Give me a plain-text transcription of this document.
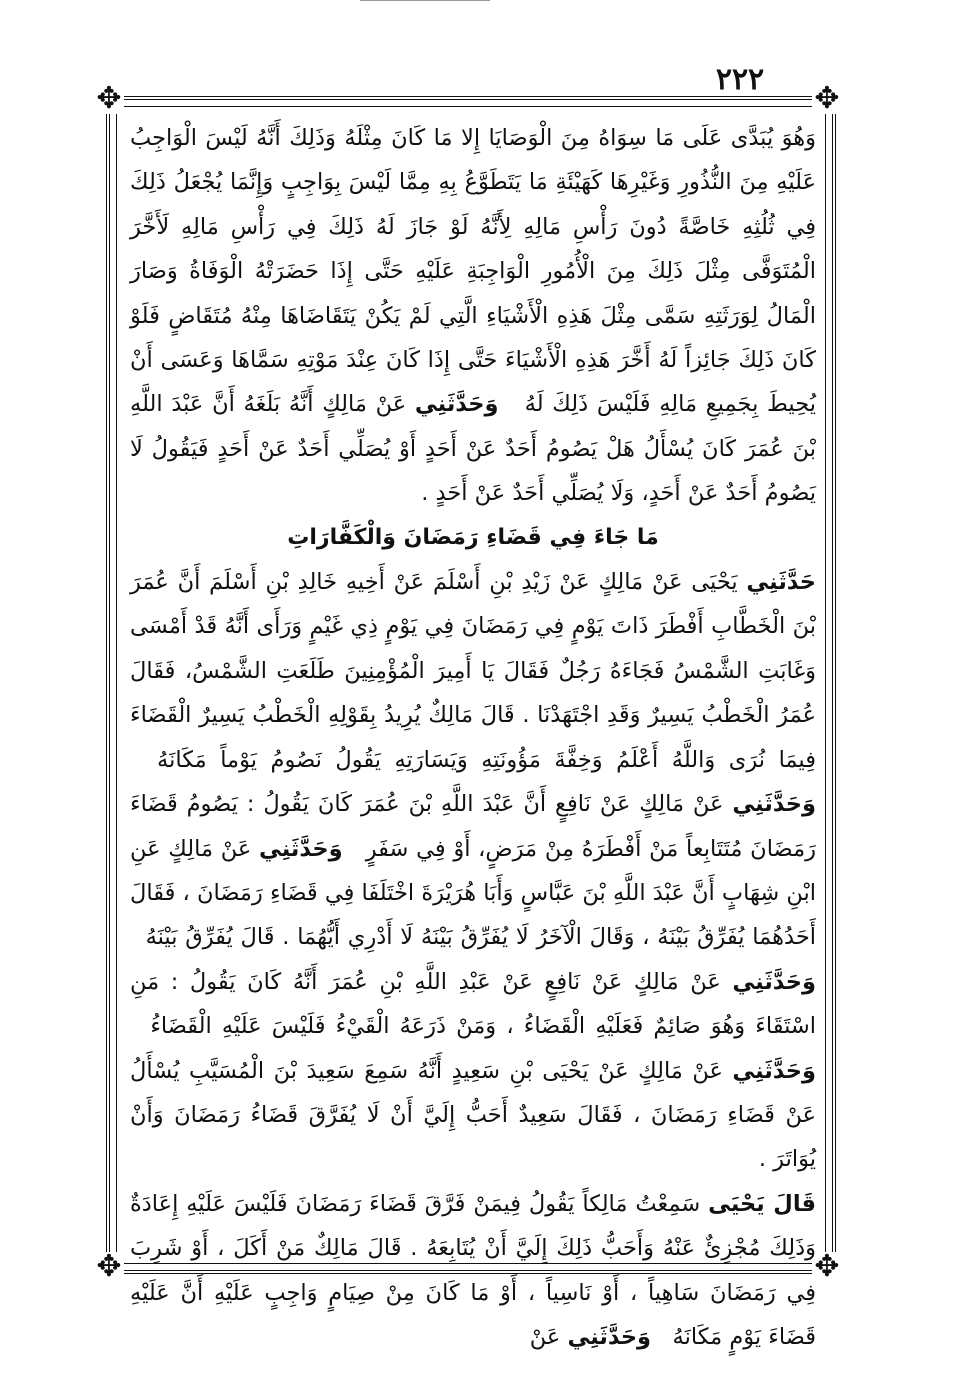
٢٢٢
✥	✥
✥	✥

وَهُوَ يُبَدَّى عَلَى مَا سِوَاهُ مِنَ الْوَصَايَا إِلا مَا كَانَ مِثْلَهُ وَذَلِكَ أَنَّهُ لَيْسَ الْوَاجِبُ عَلَيْهِ مِنَ النُّذُورِ وَغَيْرِهَا كَهَيْئَةِ مَا يَتَطَوَّعُ بِهِ مِمَّا لَيْسَ بِوَاجِبٍ وَإِنَّمَا يُجْعَلُ ذَلِكَ فِي ثُلُثِهِ خَاصَّةً دُونَ رَأْسِ مَالِهِ لِأَنَّهُ لَوْ جَازَ لَهُ ذَلِكَ فِي رَأْسِ مَالِهِ لَأَخَّرَ الْمُتَوَفَّى مِثْلَ ذَلِكَ مِنَ الْأُمُورِ الْوَاجِبَةِ عَلَيْهِ حَتَّى إِذَا حَضَرَتْهُ الْوَفَاةُ وَصَارَ الْمَالُ لِوَرَثَتِهِ سَمَّى مِثْلَ هَذِهِ الْأَشْيَاءِ الَّتِي لَمْ يَكُنْ يَتَقَاضَاهَا مِنْهُ مُتَقَاضٍ فَلَوْ كَانَ ذَلِكَ جَائِزاً لَهُ أَخَّرَ هَذِهِ الْأَشْيَاءَ حَتَّى إِذَا كَانَ عِنْدَ مَوْتِهِ سَمَّاهَا وَعَسَى أَنْ يُحِيطَ بِجَمِيعِ مَالِهِ فَلَيْسَ ذَلِكَ لَهُ   وَحَدَّثَنِي عَنْ مَالِكٍ أَنَّهُ بَلَغَهُ أَنَّ عَبْدَ اللَّهِ بْنَ عُمَرَ كَانَ يُسْأَلُ هَلْ يَصُومُ أَحَدٌ عَنْ أَحَدٍ أَوْ يُصَلِّي أَحَدٌ عَنْ أَحَدٍ فَيَقُولُ لَا يَصُومُ أَحَدٌ عَنْ أَحَدٍ، وَلَا يُصَلِّي أَحَدٌ عَنْ أَحَدٍ .

مَا جَاءَ فِي قَضَاءِ رَمَضَانَ وَالْكَفَّارَاتِ

حَدَّثَنِي يَحْيَى عَنْ مَالِكٍ عَنْ زَيْدِ بْنِ أَسْلَمَ عَنْ أَخِيهِ خَالِدِ بْنِ أَسْلَمَ أَنَّ عُمَرَ بْنَ الْخَطَّابِ أَفْطَرَ ذَاتَ يَوْمٍ فِي رَمَضَانَ فِي يَوْمٍ ذِي غَيْمٍ وَرَأَى أَنَّهُ قَدْ أَمْسَى وَغَابَتِ الشَّمْسُ فَجَاءَهُ رَجُلٌ فَقَالَ يَا أَمِيرَ الْمُؤْمِنِينَ طَلَعَتِ الشَّمْسُ، فَقَالَ عُمَرُ الْخَطْبُ يَسِيرٌ وَقَدِ اجْتَهَدْنَا . قَالَ مَالِكٌ يُرِيدُ بِقَوْلِهِ الْخَطْبُ يَسِيرٌ الْقَضَاءَ فِيمَا نُرَى وَاللَّهُ أَعْلَمُ وَخِفَّةَ مَؤُونَتِهِ وَيَسَارَتِهِ يَقُولُ نَصُومُ يَوْماً مَكَانَهُ   وَحَدَّثَنِي عَنْ مَالِكٍ عَنْ نَافِعٍ أَنَّ عَبْدَ اللَّهِ بْنَ عُمَرَ كَانَ يَقُولُ : يَصُومُ قَضَاءَ رَمَضَانَ مُتَتَابِعاً مَنْ أَفْطَرَهُ مِنْ مَرَضٍ، أَوْ فِي سَفَرٍ   وَحَدَّثَنِي عَنْ مَالِكٍ عَنِ ابْنِ شِهَابٍ أَنَّ عَبْدَ اللَّهِ بْنَ عَبَّاسٍ وَأَبَا هُرَيْرَةَ اخْتَلَفَا فِي قَضَاءِ رَمَضَانَ ، فَقَالَ أَحَدُهُمَا يُفَرِّقُ بَيْنَهُ ، وَقَالَ الْآخَرُ لَا يُفَرِّقُ بَيْنَهُ لَا أَدْرِي أَيُّهُمَا . قَالَ يُفَرِّقُ بَيْنَهُ   وَحَدَّثَنِي عَنْ مَالِكٍ عَنْ نَافِعٍ عَنْ عَبْدِ اللَّهِ بْنِ عُمَرَ أَنَّهُ كَانَ يَقُولُ : مَنِ اسْتَقَاءَ وَهُوَ صَائِمٌ فَعَلَيْهِ الْقَضَاءُ ، وَمَنْ ذَرَعَهُ الْقَيْءُ فَلَيْسَ عَلَيْهِ الْقَضَاءُ   وَحَدَّثَنِي عَنْ مَالِكٍ عَنْ يَحْيَى بْنِ سَعِيدٍ أَنَّهُ سَمِعَ سَعِيدَ بْنَ الْمُسَيَّبِ يُسْأَلُ عَنْ قَضَاءِ رَمَضَانَ ، فَقَالَ سَعِيدٌ أَحَبُّ إِلَيَّ أَنْ لَا يُفَرَّقَ قَضَاءُ رَمَضَانَ وَأَنْ يُوَاتَرَ .
قَالَ يَحْيَى سَمِعْتُ مَالِكاً يَقُولُ فِيمَنْ فَرَّقَ قَضَاءَ رَمَضَانَ فَلَيْسَ عَلَيْهِ إِعَادَةٌ وَذَلِكَ مُجْزِئٌ عَنْهُ وَأَحَبُّ ذَلِكَ إِلَيَّ أَنْ يُتَابِعَهُ . قَالَ مَالِكٌ مَنْ أَكَلَ ، أَوْ شَرِبَ فِي رَمَضَانَ سَاهِياً ، أَوْ نَاسِياً ، أَوْ مَا كَانَ مِنْ صِيَامٍ وَاجِبٍ عَلَيْهِ أَنَّ عَلَيْهِ قَضَاءَ يَوْمٍ مَكَانَهُ   وَحَدَّثَنِي عَنْ
